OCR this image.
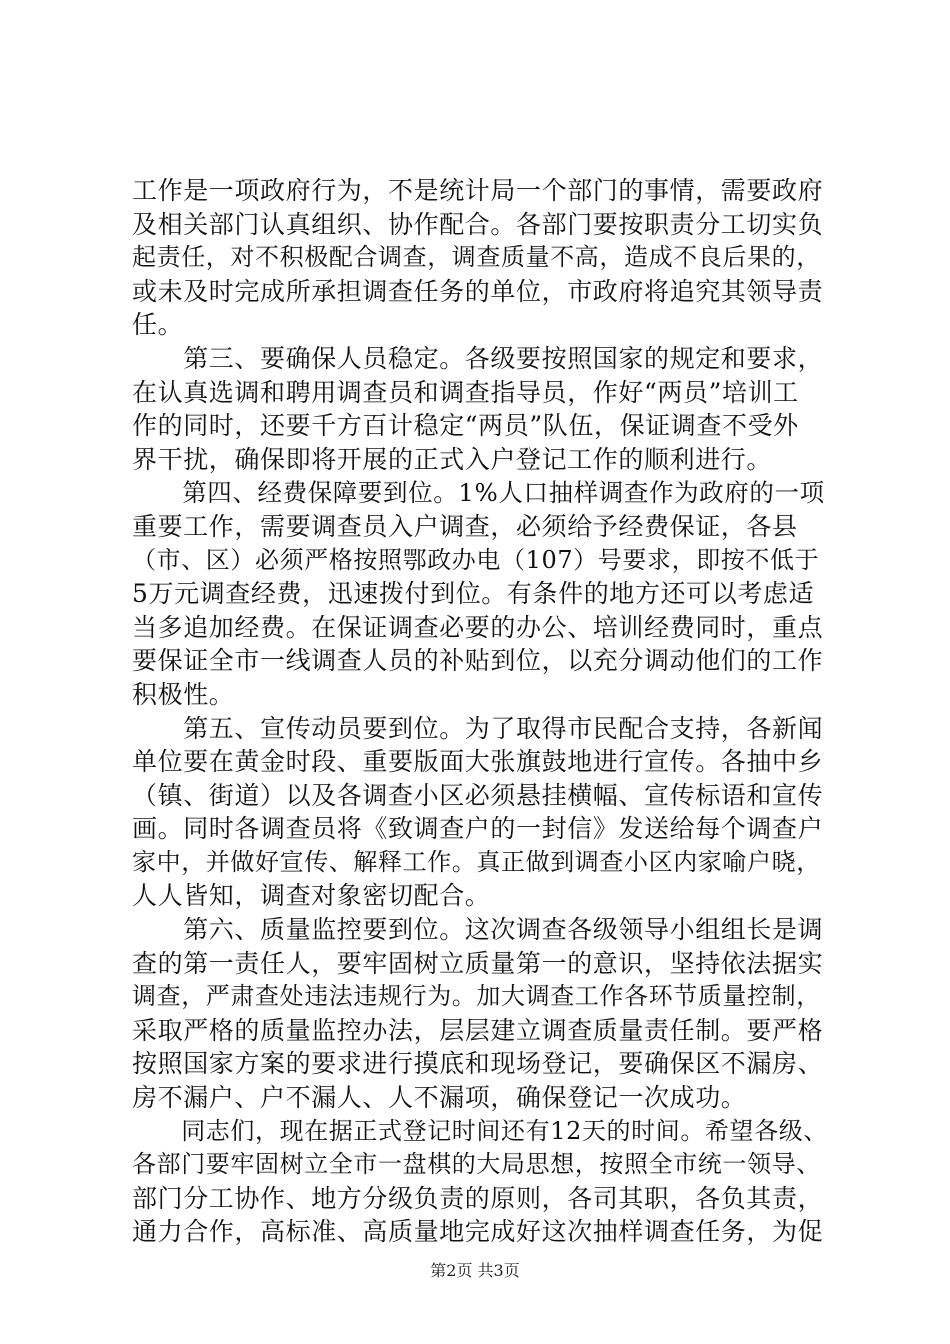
工作是一项政府行为，不是统计局一个部门的事情，需要政府
及相关部门认真组织、协作配合。各部门要按职责分工切实负
起责任，对不积极配合调查，调查质量不高，造成不良后果的，
或未及时完成所承担调查任务的单位，市政府将追究其领导责
任。
　　第三、要确保人员稳定。各级要按照国家的规定和要求，
在认真选调和聘用调查员和调查指导员，作好“两员”培训工
作的同时，还要千方百计稳定“两员”队伍，保证调查不受外
界干扰，确保即将开展的正式入户登记工作的顺利进行。
　　第四、经费保障要到位。1%人口抽样调查作为政府的一项
重要工作，需要调查员入户调查，必须给予经费保证，各县
（市、区）必须严格按照鄂政办电（107）号要求，即按不低于
5万元调查经费，迅速拨付到位。有条件的地方还可以考虑适
当多追加经费。在保证调查必要的办公、培训经费同时，重点
要保证全市一线调查人员的补贴到位，以充分调动他们的工作
积极性。
　　第五、宣传动员要到位。为了取得市民配合支持，各新闻
单位要在黄金时段、重要版面大张旗鼓地进行宣传。各抽中乡
（镇、街道）以及各调查小区必须悬挂横幅、宣传标语和宣传
画。同时各调查员将《致调查户的一封信》发送给每个调查户
家中，并做好宣传、解释工作。真正做到调查小区内家喻户晓，
人人皆知，调查对象密切配合。
　　第六、质量监控要到位。这次调查各级领导小组组长是调
查的第一责任人，要牢固树立质量第一的意识，坚持依法据实
调查，严肃查处违法违规行为。加大调查工作各环节质量控制，
采取严格的质量监控办法，层层建立调查质量责任制。要严格
按照国家方案的要求进行摸底和现场登记，要确保区不漏房、
房不漏户、户不漏人、人不漏项，确保登记一次成功。
　　同志们，现在据正式登记时间还有12天的时间。希望各级、
各部门要牢固树立全市一盘棋的大局思想，按照全市统一领导、
部门分工协作、地方分级负责的原则，各司其职，各负其责，
通力合作，高标准、高质量地完成好这次抽样调查任务，为促
第2页 共3页
